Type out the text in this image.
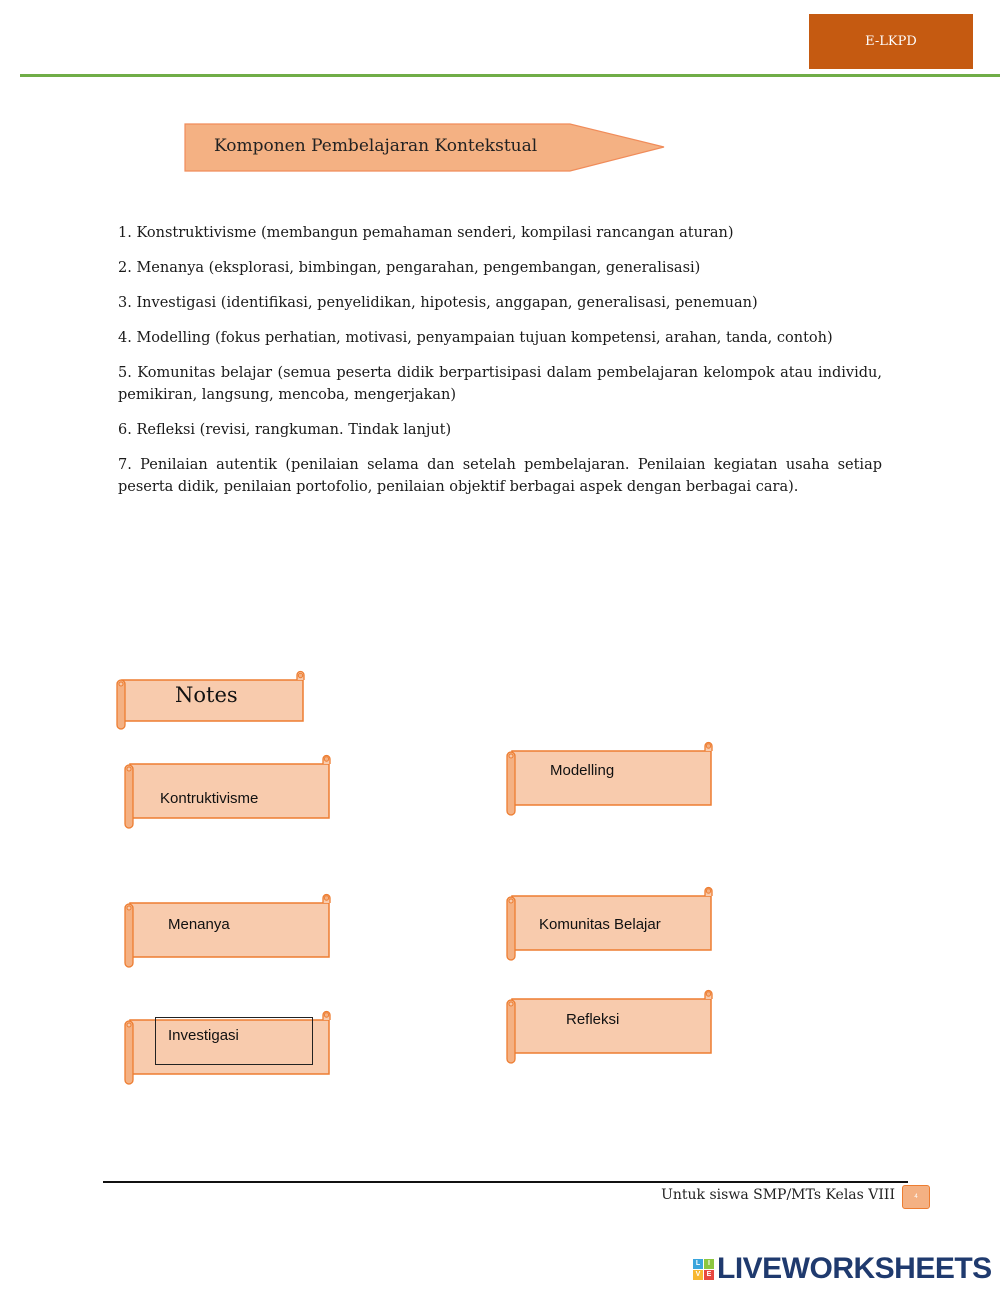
E-LKPD
Komponen Pembelajaran Kontekstual

1. Konstruktivisme (membangun pemahaman senderi, kompilasi rancangan aturan)

2. Menanya (eksplorasi, bimbingan, pengarahan, pengembangan, generalisasi)

3. Investigasi (identifikasi, penyelidikan, hipotesis, anggapan, generalisasi, penemuan)

4. Modelling (fokus perhatian, motivasi, penyampaian tujuan kompetensi, arahan, tanda, contoh)

5. Komunitas belajar (semua peserta didik berpartisipasi dalam pembelajaran kelompok atau individu, pemikiran, langsung, mencoba, mengerjakan)

6. Refleksi (revisi, rangkuman. Tindak lanjut)

7. Penilaian autentik (penilaian selama dan setelah pembelajaran. Penilaian kegiatan usaha setiap peserta didik, penilaian portofolio, penilaian objektif berbagai aspek dengan berbagai cara).

Notes
Kontruktivisme
Menanya
Investigasi
Modelling
Komunitas Belajar
Refleksi
Untuk siswa SMP/MTs Kelas VIII	4
L	I
V E LIVEWORKSHEETS
